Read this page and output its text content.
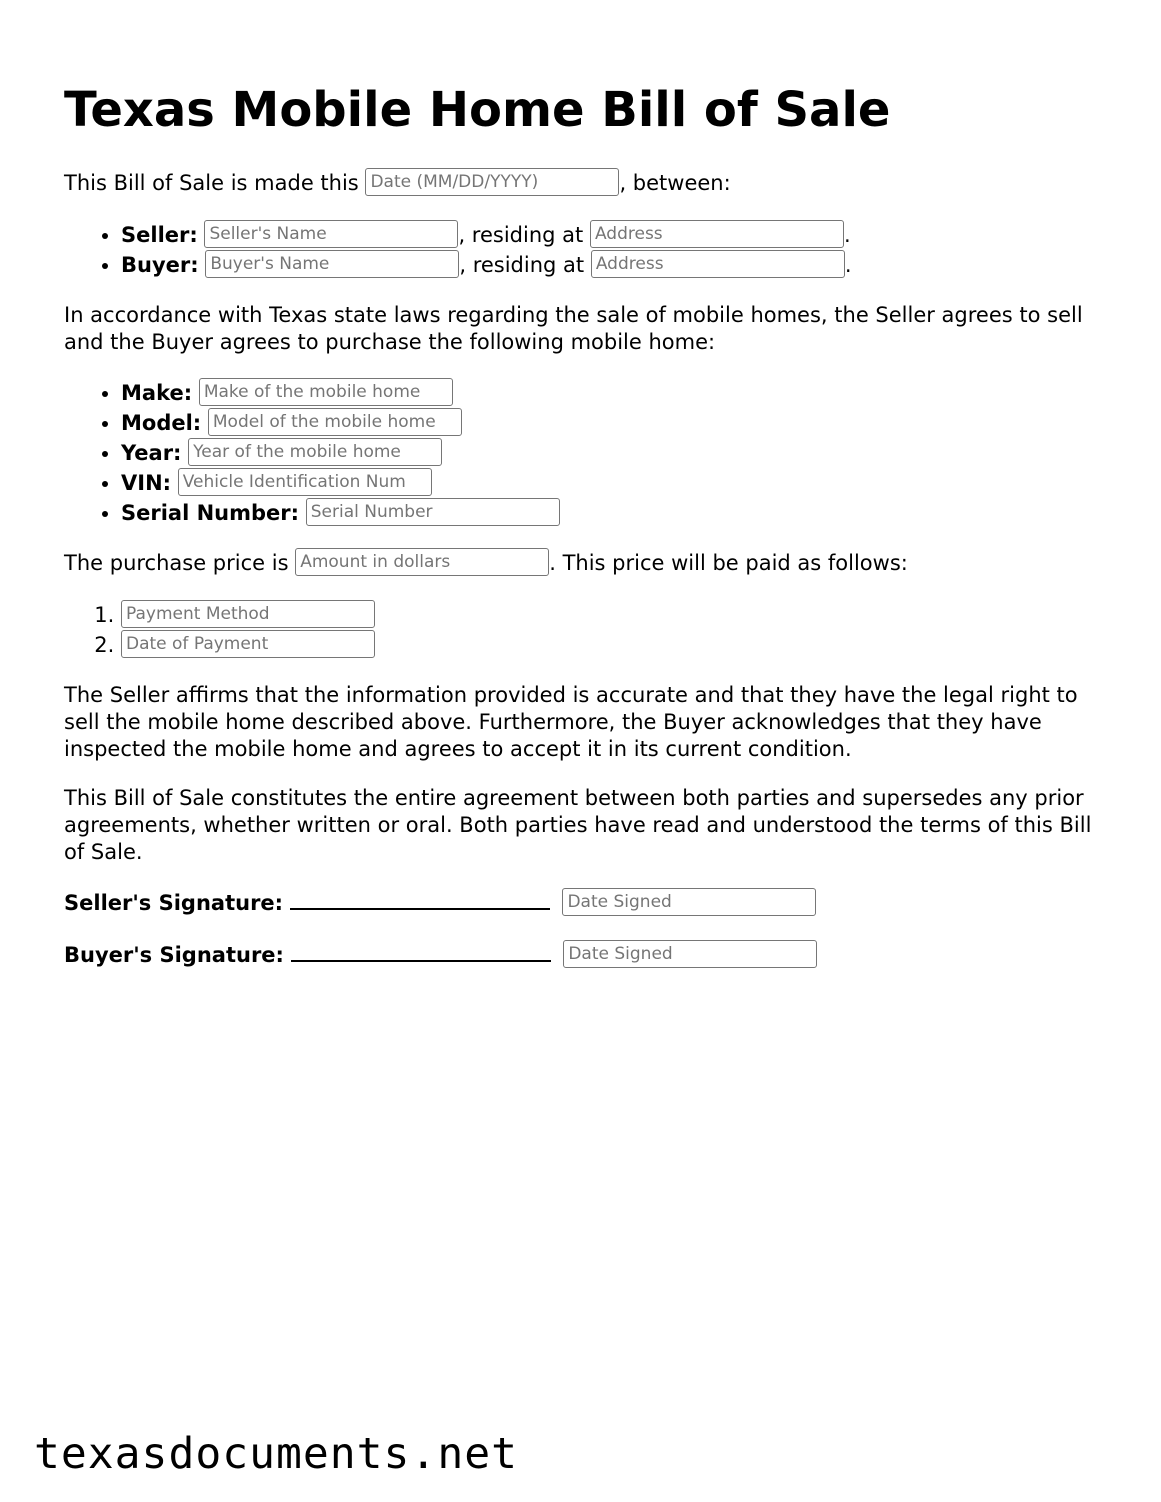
Texas Mobile Home Bill of Sale

This Bill of Sale is made this Date (MM/DD/YYYY)	, between:

• Seller: Seller's Name	, residing at Address	.
• Buyer: Buyer's Name	, residing at Address	.

In accordance with Texas state laws regarding the sale of mobile homes, the Seller agrees to sell and the Buyer agrees to purchase the following mobile home:

• Make: Make of the mobile home
• Model: Model of the mobile home
• Year: Year of the mobile home
• VIN: Vehicle Identification Num
• Serial Number: Serial Number

The purchase price is Amount in dollars	. This price will be paid as follows:

1. Payment Method
2. Date of Payment

The Seller affirms that the information provided is accurate and that they have the legal right to sell the mobile home described above. Furthermore, the Buyer acknowledges that they have inspected the mobile home and agrees to accept it in its current condition.

This Bill of Sale constitutes the entire agreement between both parties and supersedes any prior agreements, whether written or oral. Both parties have read and understood the terms of this Bill of Sale.

Seller's Signature:	Date Signed
Buyer's Signature:	Date Signed
texasdocuments.net
